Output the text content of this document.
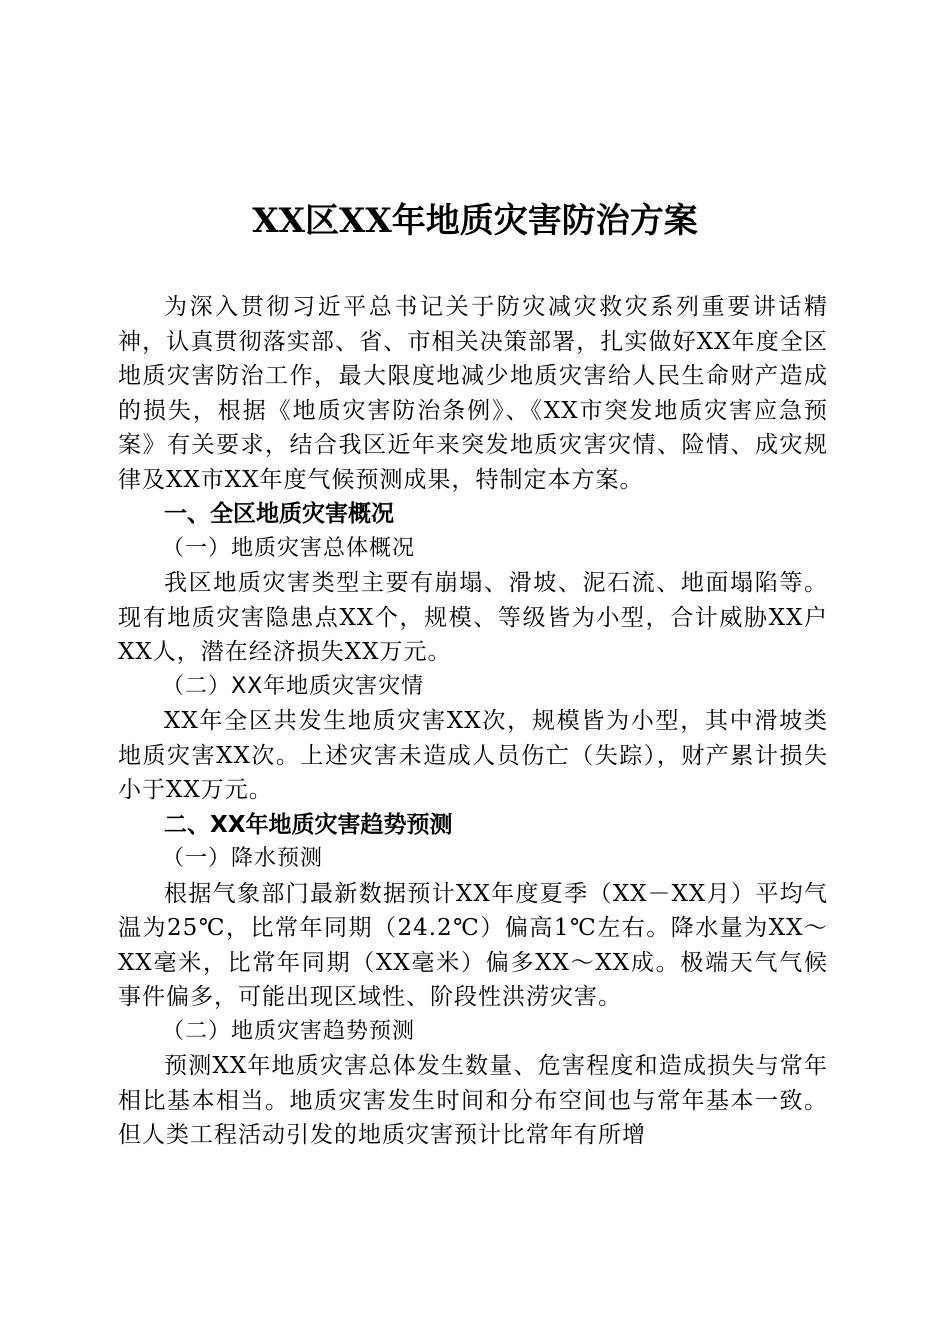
XX区XX年地质灾害防治方案

为深入贯彻习近平总书记关于防灾减灾救灾系列重要讲话精神，认真贯彻落实部、省、市相关决策部署，扎实做好XX年度全区地质灾害防治工作，最大限度地减少地质灾害给人民生命财产造成的损失，根据《地质灾害防治条例》、《XX市突发地质灾害应急预案》有关要求，结合我区近年来突发地质灾害灾情、险情、成灾规律及XX市XX年度气候预测成果，特制定本方案。

一、全区地质灾害概况

（一）地质灾害总体概况

我区地质灾害类型主要有崩塌、滑坡、泥石流、地面塌陷等。现有地质灾害隐患点XX个，规模、等级皆为小型，合计威胁XX户XX人，潜在经济损失XX万元。

（二）XX年地质灾害灾情

XX年全区共发生地质灾害XX次，规模皆为小型，其中滑坡类地质灾害XX次。上述灾害未造成人员伤亡（失踪），财产累计损失小于XX万元。

二、XX年地质灾害趋势预测

（一）降水预测

根据气象部门最新数据预计XX年度夏季（XX－XX月）平均气温为25℃，比常年同期（24.2℃）偏高1℃左右。降水量为XX～XX毫米，比常年同期（XX毫米）偏多XX～XX成。极端天气气候事件偏多，可能出现区域性、阶段性洪涝灾害。

（二）地质灾害趋势预测

预测XX年地质灾害总体发生数量、危害程度和造成损失与常年相比基本相当。地质灾害发生时间和分布空间也与常年基本一致。但人类工程活动引发的地质灾害预计比常年有所增
